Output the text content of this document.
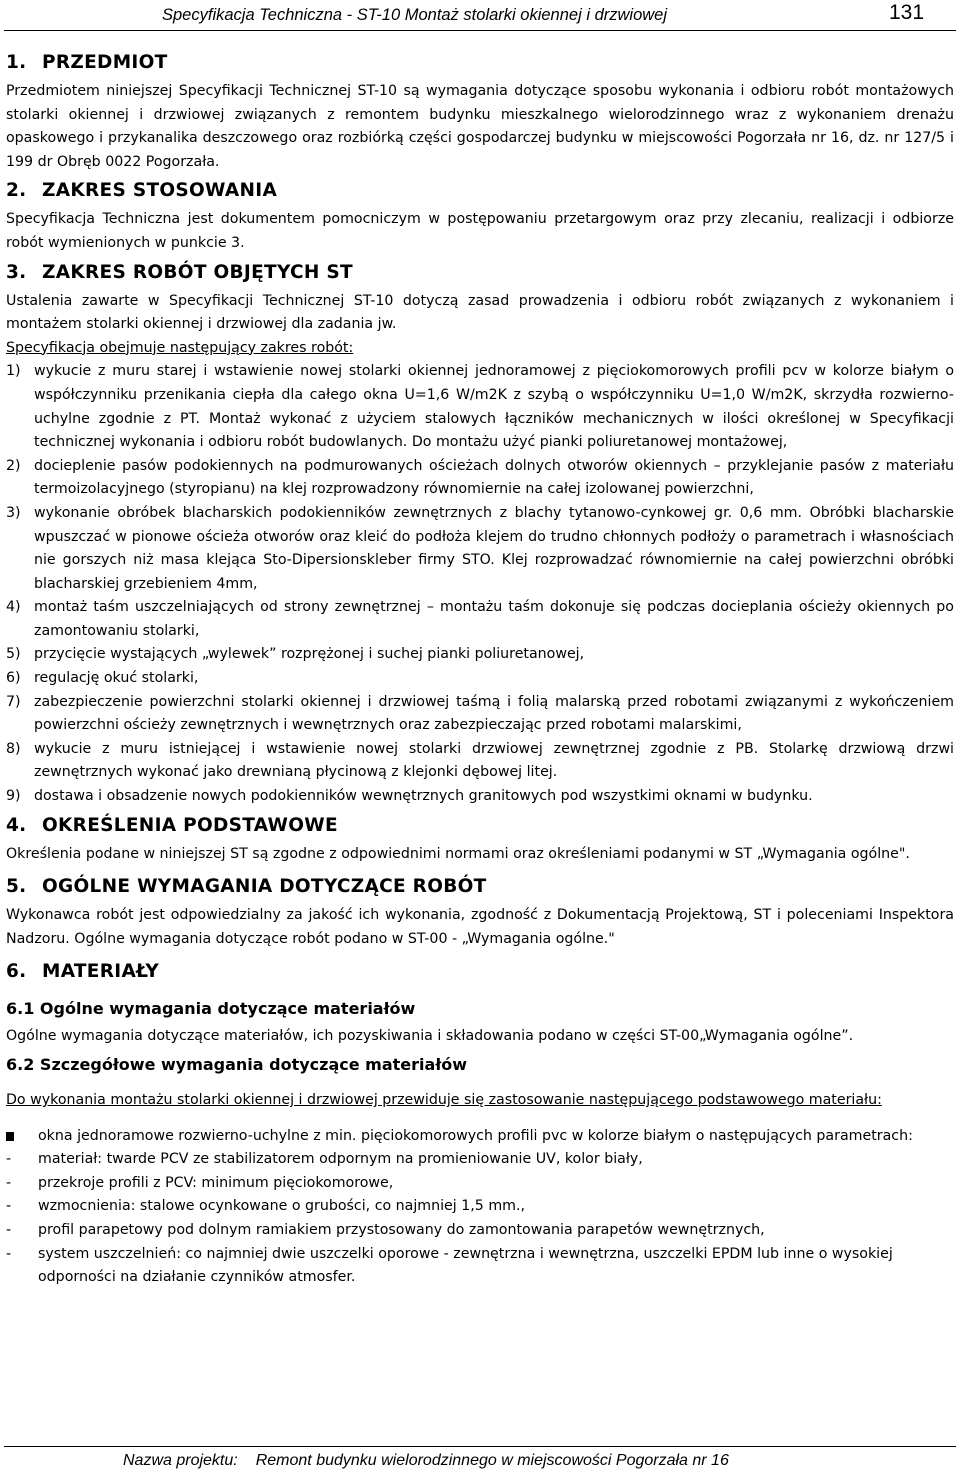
Specyfikacja Techniczna - ST-10 Montaż stolarki okiennej i drzwiowej	131
1. PRZEDMIOT

Przedmiotem niniejszej Specyfikacji Technicznej ST-10 są wymagania dotyczące sposobu wykonania i odbioru robót montażowych stolarki okiennej i drzwiowej związanych z remontem budynku mieszkalnego wielorodzinnego wraz z wykonaniem drenażu opaskowego i przykanalika deszczowego oraz rozbiórką części gospodarczej budynku w miejscowości Pogorzała nr 16, dz. nr 127/5 i 199 dr Obręb 0022 Pogorzała.

2. ZAKRES STOSOWANIA

Specyfikacja Techniczna jest dokumentem pomocniczym w postępowaniu przetargowym oraz przy zlecaniu, realizacji i odbiorze robót wymienionych w punkcie 3.

3. ZAKRES ROBÓT OBJĘTYCH ST

Ustalenia zawarte w Specyfikacji Technicznej ST-10 dotyczą zasad prowadzenia i odbioru robót związanych z wykonaniem i montażem stolarki okiennej i drzwiowej dla zadania jw.

Specyfikacja obejmuje następujący zakres robót:

1) wykucie z muru starej i wstawienie nowej stolarki okiennej jednoramowej z pięciokomorowych profili pcv w kolorze białym o współczynniku przenikania ciepła dla całego okna U=1,6 W/m2K z szybą o współczynniku U=1,0 W/m2K, skrzydła rozwierno-uchylne zgodnie z PT. Montaż wykonać z użyciem stalowych łączników mechanicznych w ilości określonej w Specyfikacji technicznej wykonania i odbioru robót budowlanych. Do montażu użyć pianki poliuretanowej montażowej,
2) docieplenie pasów podokiennych na podmurowanych ościeżach dolnych otworów okiennych – przyklejanie pasów z materiału termoizolacyjnego (styropianu) na klej rozprowadzony równomiernie na całej izolowanej powierzchni,
3) wykonanie obróbek blacharskich podokienników zewnętrznych z blachy tytanowo-cynkowej gr. 0,6 mm. Obróbki blacharskie wpuszczać w pionowe ościeża otworów oraz kleić do podłoża klejem do trudno chłonnych podłoży o parametrach i własnościach nie gorszych niż masa klejąca Sto-Dipersionskleber firmy STO. Klej rozprowadzać równomiernie na całej powierzchni obróbki blacharskiej grzebieniem 4mm,
4) montaż taśm uszczelniających od strony zewnętrznej – montażu taśm dokonuje się podczas docieplania ościeży okiennych po zamontowaniu stolarki,
5) przycięcie wystających „wylewek” rozprężonej i suchej pianki poliuretanowej,
6) regulację okuć stolarki,
7) zabezpieczenie powierzchni stolarki okiennej i drzwiowej taśmą i folią malarską przed robotami związanymi z wykończeniem powierzchni ościeży zewnętrznych i wewnętrznych oraz zabezpieczając przed robotami malarskimi,
8) wykucie z muru istniejącej i wstawienie nowej stolarki drzwiowej zewnętrznej zgodnie z PB. Stolarkę drzwiową drzwi zewnętrznych wykonać jako drewnianą płycinową z klejonki dębowej litej.
9) dostawa i obsadzenie nowych podokienników wewnętrznych granitowych pod wszystkimi oknami w budynku.
4. OKREŚLENIA PODSTAWOWE

Określenia podane w niniejszej ST są zgodne z odpowiednimi normami oraz określeniami podanymi w ST „Wymagania ogólne".

5. OGÓLNE WYMAGANIA DOTYCZĄCE ROBÓT

Wykonawca robót jest odpowiedzialny za jakość ich wykonania, zgodność z Dokumentacją Projektową, ST i poleceniami Inspektora Nadzoru. Ogólne wymagania dotyczące robót podano w ST-00 - „Wymagania ogólne."

6. MATERIAŁY
6.1 Ogólne wymagania dotyczące materiałów

Ogólne wymagania dotyczące materiałów, ich pozyskiwania i składowania podano w części ST-00„Wymagania ogólne”.

6.2 Szczegółowe wymagania dotyczące materiałów

Do wykonania montażu stolarki okiennej i drzwiowej przewiduje się zastosowanie następującego podstawowego materiału:

okna jednoramowe rozwierno-uchylne z min. pięciokomorowych profili pvc w kolorze białym o następujących parametrach:
- materiał: twarde PCV ze stabilizatorem odpornym na promieniowanie UV, kolor biały,
- przekroje profili z PCV: minimum pięciokomorowe,
- wzmocnienia: stalowe ocynkowane o grubości, co najmniej 1,5 mm.,
- profil parapetowy pod dolnym ramiakiem przystosowany do zamontowania parapetów wewnętrznych,
- system uszczelnień: co najmniej dwie uszczelki oporowe - zewnętrzna i wewnętrzna, uszczelki EPDM lub inne o wysokiej odporności na działanie czynników atmosfer.
Nazwa projektu: Remont budynku wielorodzinnego w miejscowości Pogorzała nr 16
